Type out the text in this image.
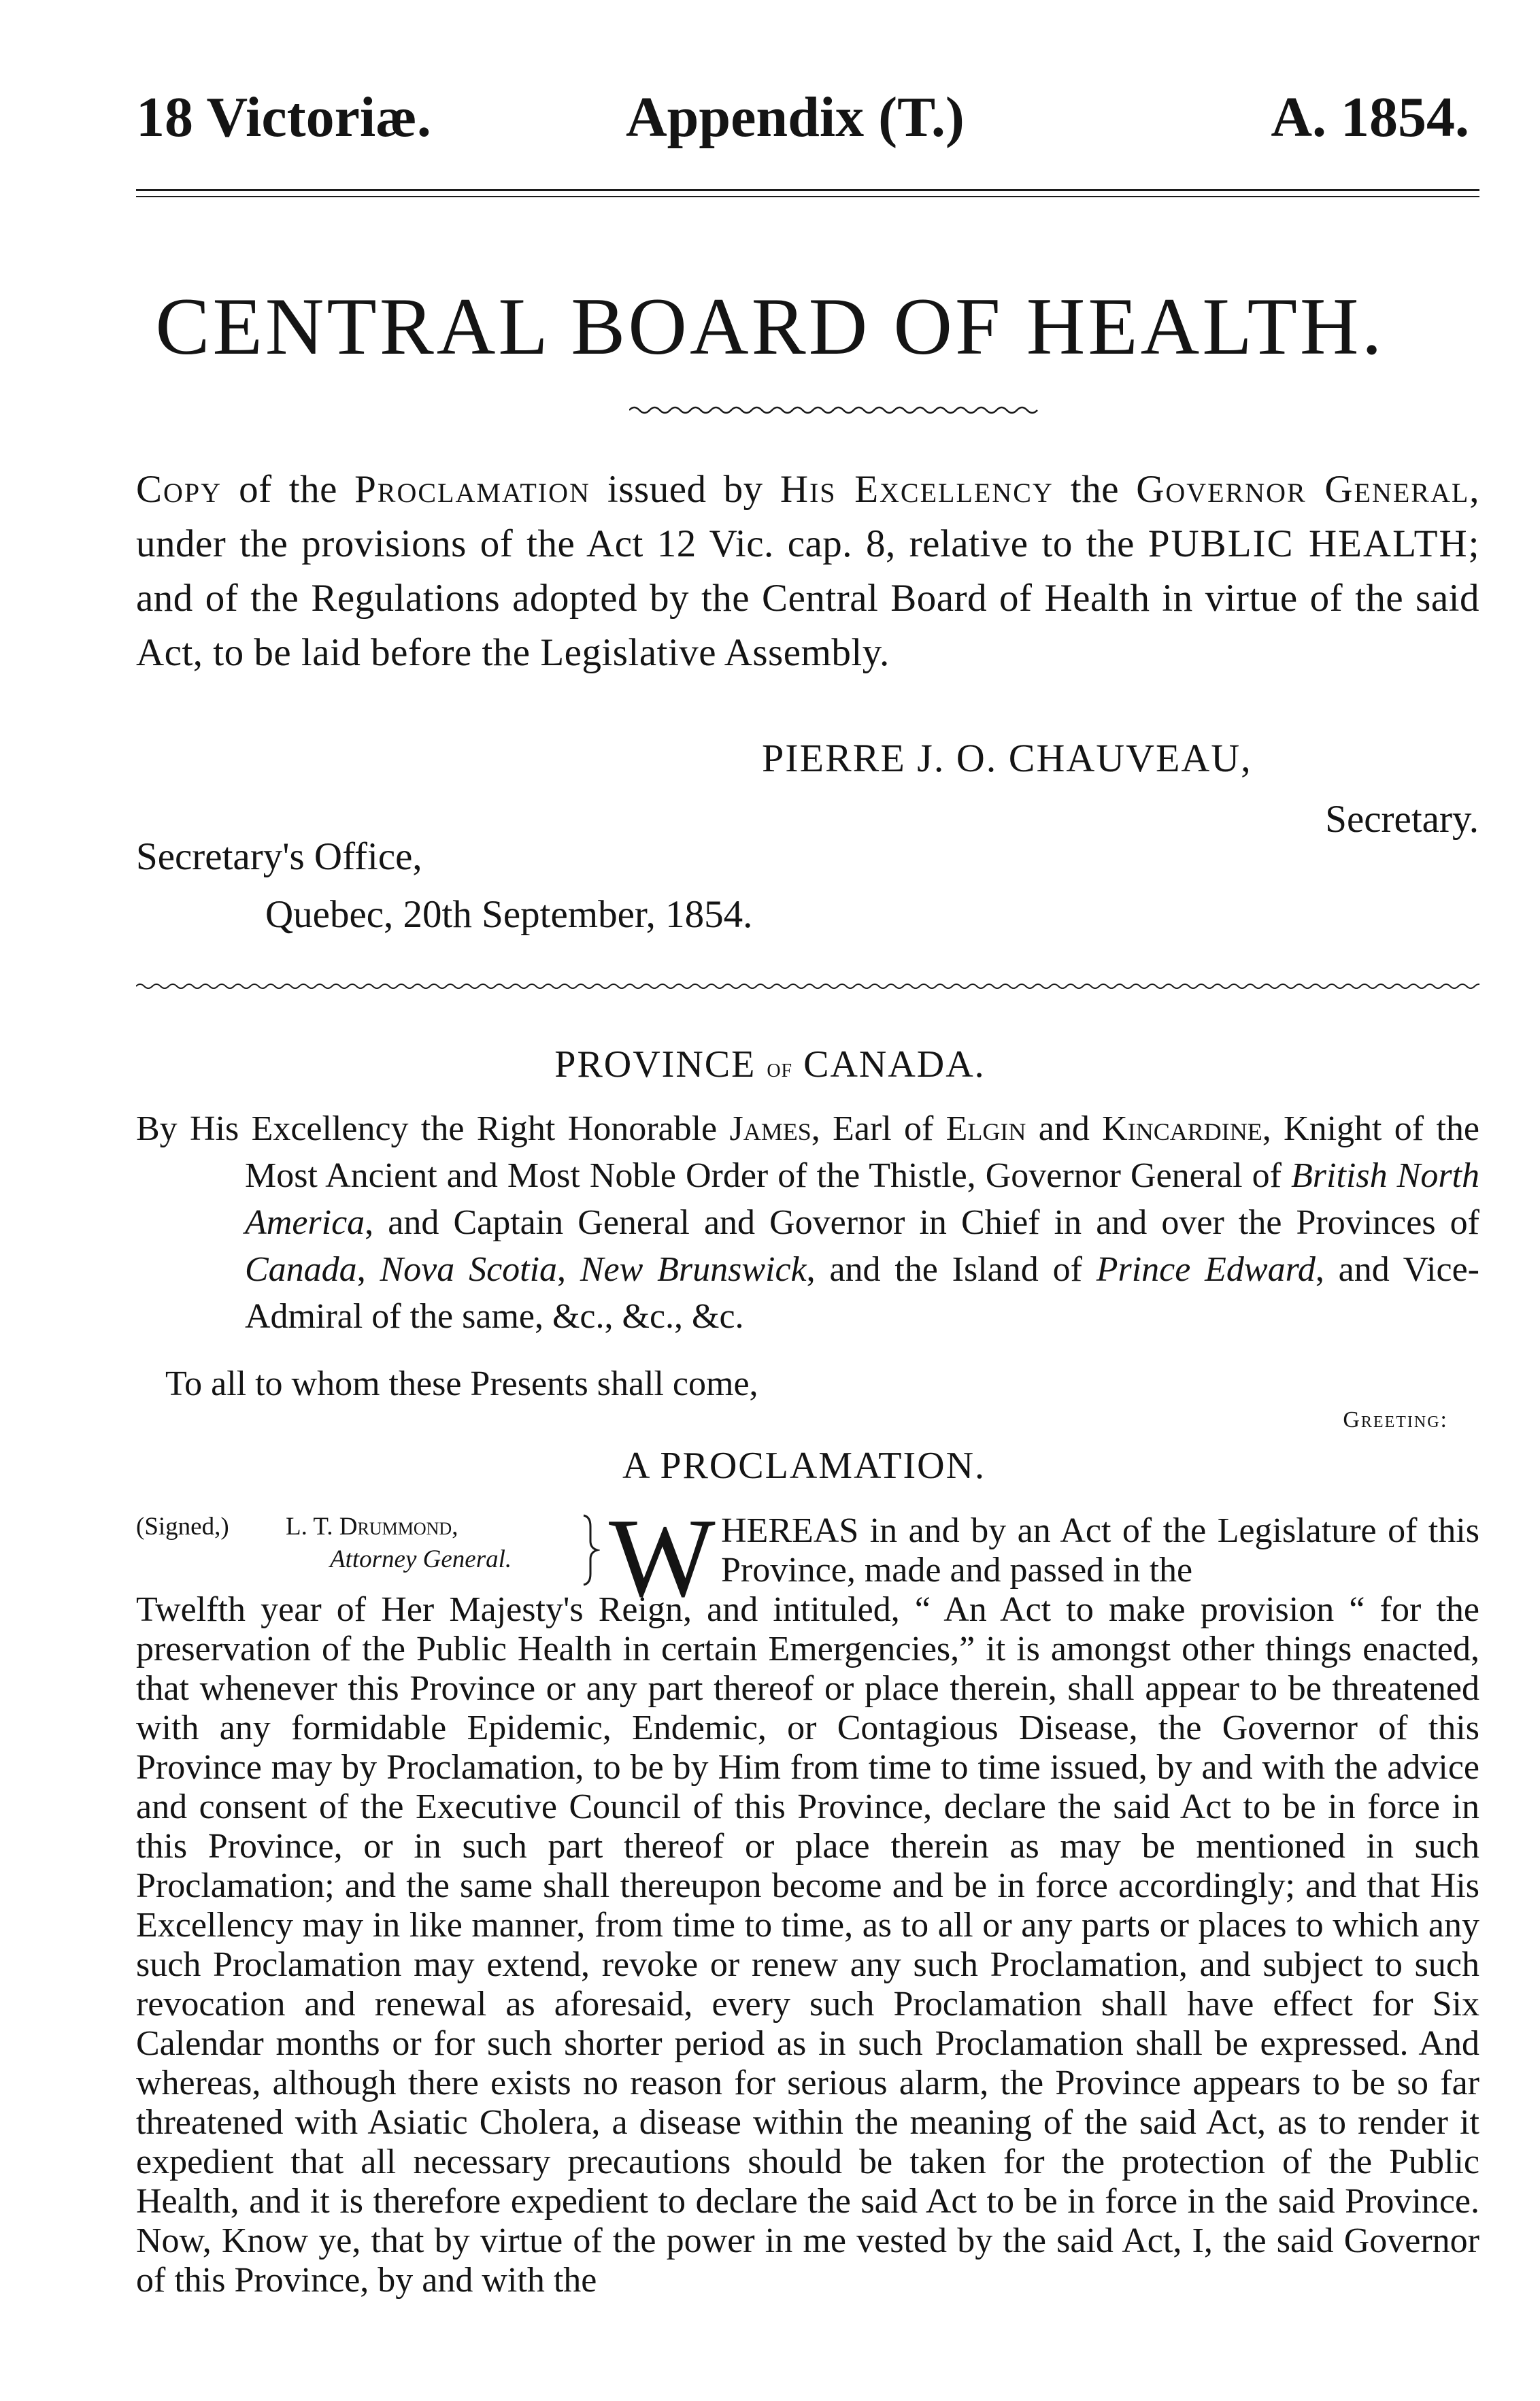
18 Victoriæ.	Appendix (T.)	A. 1854.
CENTRAL BOARD OF HEALTH.
Copy of the Proclamation issued by His Excellency the Governor General, under the provisions of the Act 12 Vic. cap. 8, relative to the PUBLIC HEALTH; and of the Regulations adopted by the Central Board of Health in virtue of the said Act, to be laid before the Legislative Assembly.
PIERRE J. O. CHAUVEAU,
Secretary.
Secretary's Office,
Quebec, 20th September, 1854.
PROVINCE of CANADA.
By His Excellency the Right Honorable James, Earl of Elgin and Kincardine, Knight of the Most Ancient and Most Noble Order of the Thistle, Governor General of British North America, and Captain General and Governor in Chief in and over the Provinces of Canada, Nova Scotia, New Brunswick, and the Island of Prince Edward, and Vice-Admiral of the same, &c., &c., &c.
To all to whom these Presents shall come,
Greeting:
A PROCLAMATION.
(Signed,) L. T. Drummond,
Attorney General. W HEREAS in and by an Act of the Legislature of this Province, made and passed in the
Twelfth year of Her Majesty's Reign, and intituled, “ An Act to make provision “ for the preservation of the Public Health in certain Emergencies,” it is amongst other things enacted, that whenever this Province or any part thereof or place therein, shall appear to be threatened with any formidable Epidemic, Endemic, or Contagious Disease, the Governor of this Province may by Proclamation, to be by Him from time to time issued, by and with the advice and consent of the Executive Council of this Province, declare the said Act to be in force in this Province, or in such part thereof or place therein as may be mentioned in such Proclamation; and the same shall thereupon become and be in force accordingly; and that His Excellency may in like manner, from time to time, as to all or any parts or places to which any such Proclamation may extend, revoke or renew any such Proclamation, and subject to such revocation and renewal as aforesaid, every such Proclamation shall have effect for Six Calendar months or for such shorter period as in such Proclamation shall be expressed. And whereas, although there exists no reason for serious alarm, the Province appears to be so far threatened with Asiatic Cholera, a disease within the meaning of the said Act, as to render it expedient that all necessary precautions should be taken for the protection of the Public Health, and it is therefore expedient to declare the said Act to be in force in the said Province. Now, Know ye, that by virtue of the power in me vested by the said Act, I, the said Governor of this Province, by and with the
